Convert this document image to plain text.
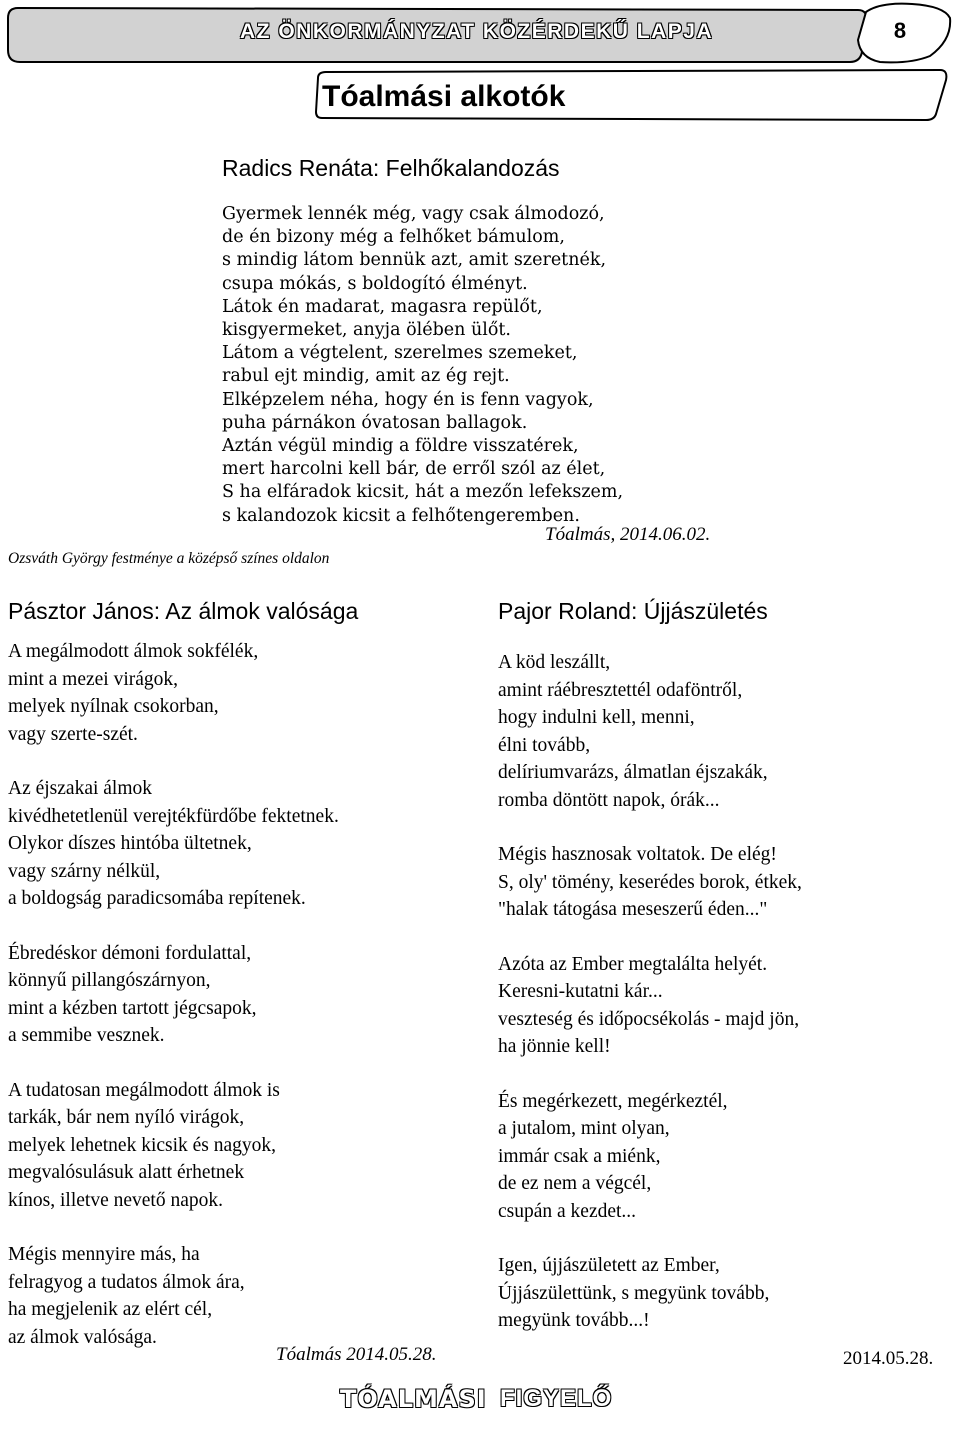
AZ ÖNKORMÁNYZAT KÖZÉRDEKŰ LAPJA	8
Tóalmási alkotók
Radics Renáta: Felhőkalandozás
Gyermek lennék még, vagy csak álmodozó,
de én bizony még a felhőket bámulom,
s mindig látom bennük azt, amit szeretnék,
csupa mókás, s boldogító élményt.
Látok én madarat, magasra repülőt,
kisgyermeket, anyja ölében ülőt.
Látom a végtelent, szerelmes szemeket,
rabul ejt mindig, amit az ég rejt.
Elképzelem néha, hogy én is fenn vagyok,
puha párnákon óvatosan ballagok.
Aztán végül mindig a földre visszatérek,
mert harcolni kell bár, de erről szól az élet,
S ha elfáradok kicsit, hát a mezőn lefekszem,
s kalandozok kicsit a felhőtengeremben.
Tóalmás, 2014.06.02.
Ozsváth György festménye a középső színes oldalon
Pásztor János: Az álmok valósága
A megálmodott álmok sokfélék,
mint a mezei virágok,
melyek nyílnak csokorban,
vagy szerte-szét.
Az éjszakai álmok
kivédhetetlenül verejtékfürdőbe fektetnek.
Olykor díszes hintóba ültetnek,
vagy szárny nélkül,
a boldogság paradicsomába repítenek.
Ébredéskor démoni fordulattal,
könnyű pillangószárnyon,
mint a kézben tartott jégcsapok,
a semmibe vesznek.
A tudatosan megálmodott álmok is
tarkák, bár nem nyíló virágok,
melyek lehetnek kicsik és nagyok,
megvalósulásuk alatt érhetnek
kínos, illetve nevető napok.
Mégis mennyire más, ha
felragyog a tudatos álmok ára,
ha megjelenik az elért cél,
az álmok valósága.
Tóalmás 2014.05.28.
Pajor Roland: Újjászületés
A köd leszállt,
amint ráébresztettél odaföntről,
hogy indulni kell, menni,
élni tovább,
delíriumvarázs, álmatlan éjszakák,
romba döntött napok, órák...
Mégis hasznosak voltatok. De elég!
S, oly' tömény, keserédes borok, étkek,
"halak tátogása meseszerű éden..."
Azóta az Ember megtalálta helyét.
Keresni-kutatni kár...
veszteség és időpocsékolás - majd jön,
ha jönnie kell!
És megérkezett, megérkeztél,
a jutalom, mint olyan,
immár csak a miénk,
de ez nem a végcél,
csupán a kezdet...
Igen, újjászületett az Ember,
Újjászülettünk, s megyünk tovább,
megyünk tovább...!
2014.05.28.
TÓALMÁSI FIGYELŐ
